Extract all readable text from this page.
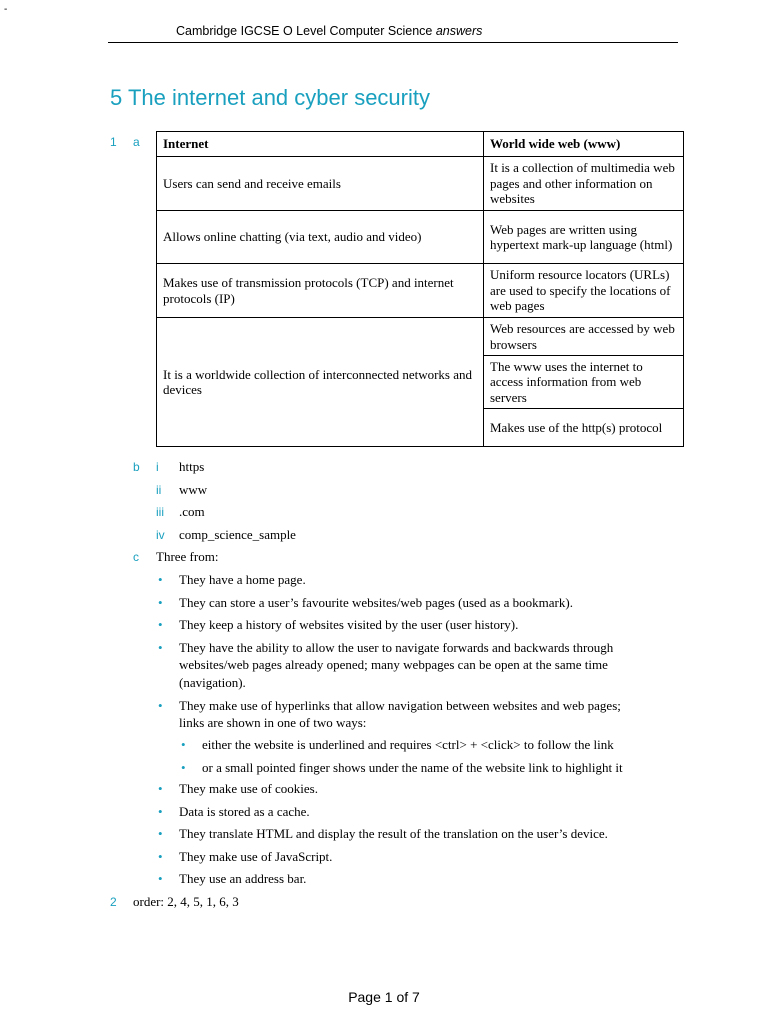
-
Cambridge IGCSE O Level Computer Science answers
5 The internet and cyber security
1 a Internet	World wide web (www)
Users can send and receive emails	It is a collection of multimedia web pages and other information on websites
Allows online chatting (via text, audio and video)	Web pages are written using hypertext mark-up language (html)
Makes use of transmission protocols (TCP) and internet protocols (IP)	Uniform resource locators (URLs) are used to specify the locations of web pages
It is a worldwide collection of interconnected networks and devices	Web resources are accessed by web browsers
	The www uses the internet to access information from web servers
	Makes use of the http(s) protocol
b i https
ii www
iii .com
iv comp_science_sample
c Three from:
• They have a home page.
• They can store a user’s favourite websites/web pages (used as a bookmark).
• They keep a history of websites visited by the user (user history).
• They have the ability to allow the user to navigate forwards and backwards through
websites/web pages already opened; many webpages can be open at the same time
(navigation).
• They make use of hyperlinks that allow navigation between websites and web pages;
links are shown in one of two ways:
• either the website is underlined and requires <ctrl> + <click> to follow the link
• or a small pointed finger shows under the name of the website link to highlight it
• They make use of cookies.
• Data is stored as a cache.
• They translate HTML and display the result of the translation on the user’s device.
• They make use of JavaScript.
• They use an address bar.
2 order: 2, 4, 5, 1, 6, 3
Page 1 of 7
